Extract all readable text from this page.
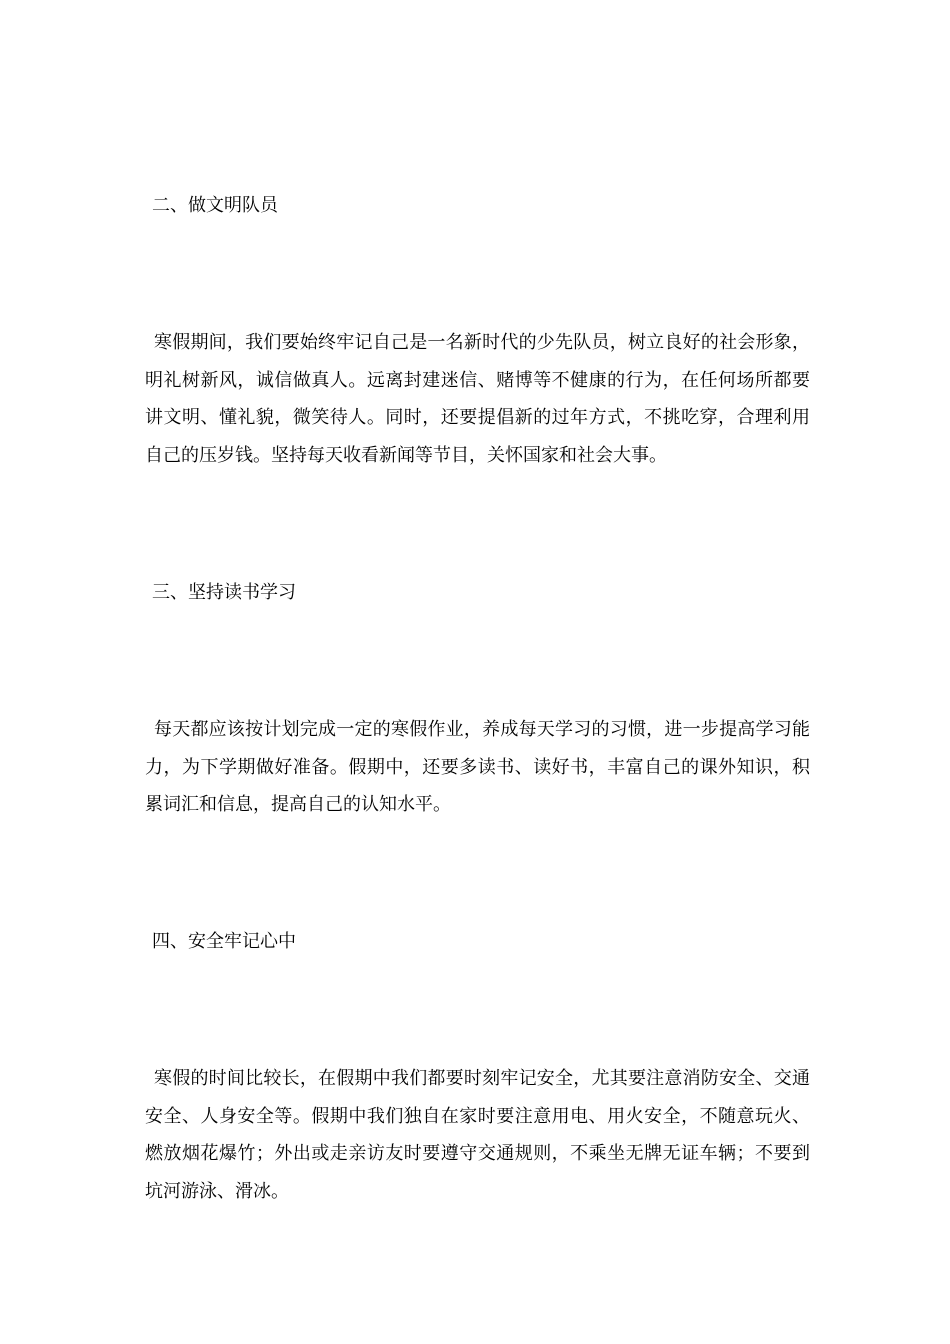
二、做文明队员

寒假期间，我们要始终牢记自己是一名新时代的少先队员，树立良好的社会形象，明礼树新风，诚信做真人。远离封建迷信、赌博等不健康的行为，在任何场所都要讲文明、懂礼貌，微笑待人。同时，还要提倡新的过年方式，不挑吃穿，合理利用自己的压岁钱。坚持每天收看新闻等节目，关怀国家和社会大事。

三、坚持读书学习

每天都应该按计划完成一定的寒假作业，养成每天学习的习惯，进一步提高学习能力，为下学期做好准备。假期中，还要多读书、读好书，丰富自己的课外知识，积累词汇和信息，提高自己的认知水平。

四、安全牢记心中

寒假的时间比较长，在假期中我们都要时刻牢记安全，尤其要注意消防安全、交通安全、人身安全等。假期中我们独自在家时要注意用电、用火安全，不随意玩火、燃放烟花爆竹；外出或走亲访友时要遵守交通规则，不乘坐无牌无证车辆；不要到坑河游泳、滑冰。
